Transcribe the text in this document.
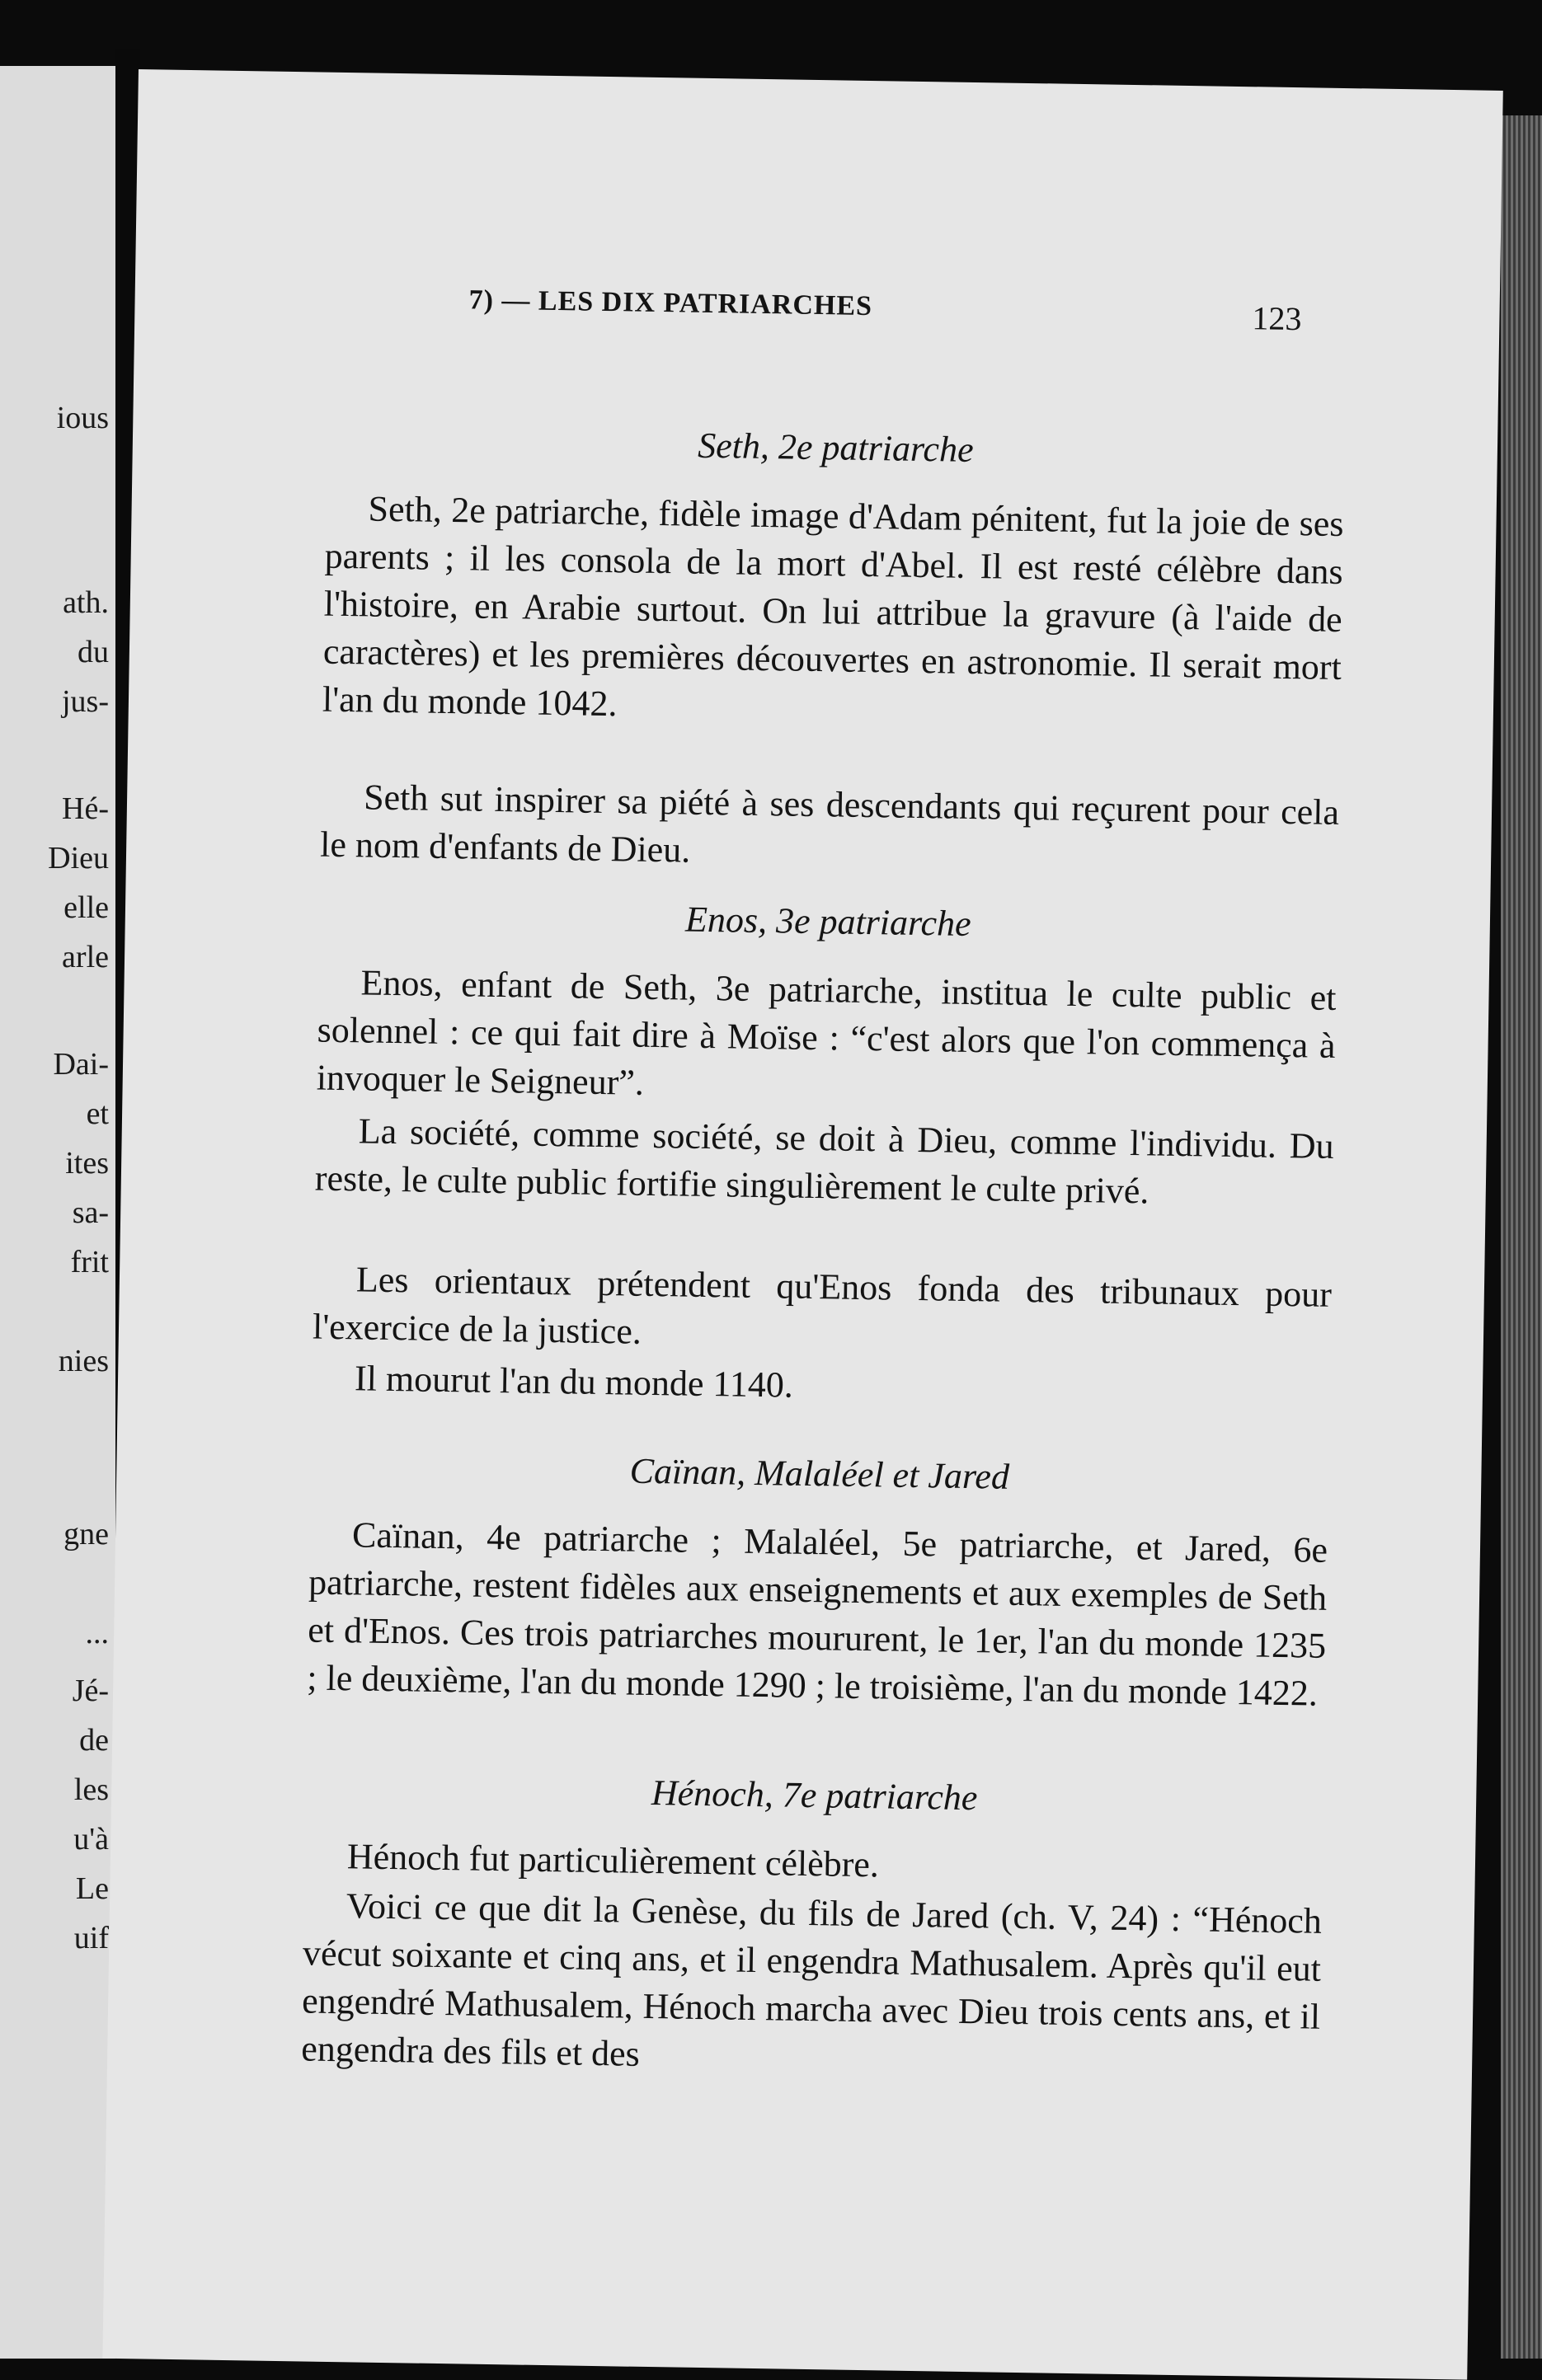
ious
ath.
du
jus-
Hé-
Dieu
elle
arle
Dai-
et
ites
sa-
frit
nies
gne
...
Jé-
de
les
u'à
Le
uif
7) — LES DIX PATRIARCHES	123
Seth, 2e patriarche
Seth, 2e patriarche, fidèle image d'Adam pénitent, fut la joie de ses parents ; il les consola de la mort d'Abel. Il est resté célèbre dans l'histoire, en Arabie surtout. On lui attribue la gravure (à l'aide de caractères) et les premières découvertes en astronomie. Il serait mort l'an du monde 1042.
Seth sut inspirer sa piété à ses descendants qui reçurent pour cela le nom d'enfants de Dieu.
Enos, 3e patriarche
Enos, enfant de Seth, 3e patriarche, institua le culte public et solennel : ce qui fait dire à Moïse : “c'est alors que l'on commença à invoquer le Seigneur”.
La société, comme société, se doit à Dieu, comme l'individu. Du reste, le culte public fortifie singulièrement le culte privé.
Les orientaux prétendent qu'Enos fonda des tribunaux pour l'exercice de la justice.
Il mourut l'an du monde 1140.
Caïnan, Malaléel et Jared
Caïnan, 4e patriarche ; Malaléel, 5e patriarche, et Jared, 6e patriarche, restent fidèles aux enseignements et aux exemples de Seth et d'Enos. Ces trois patriarches moururent, le 1er, l'an du monde 1235 ; le deuxième, l'an du monde 1290 ; le troisième, l'an du monde 1422.
Hénoch, 7e patriarche
Hénoch fut particulièrement célèbre.
Voici ce que dit la Genèse, du fils de Jared (ch. V, 24) : “Hénoch vécut soixante et cinq ans, et il engendra Mathusalem. Après qu'il eut engendré Mathusalem, Hénoch marcha avec Dieu trois cents ans, et il engendra des fils et des
